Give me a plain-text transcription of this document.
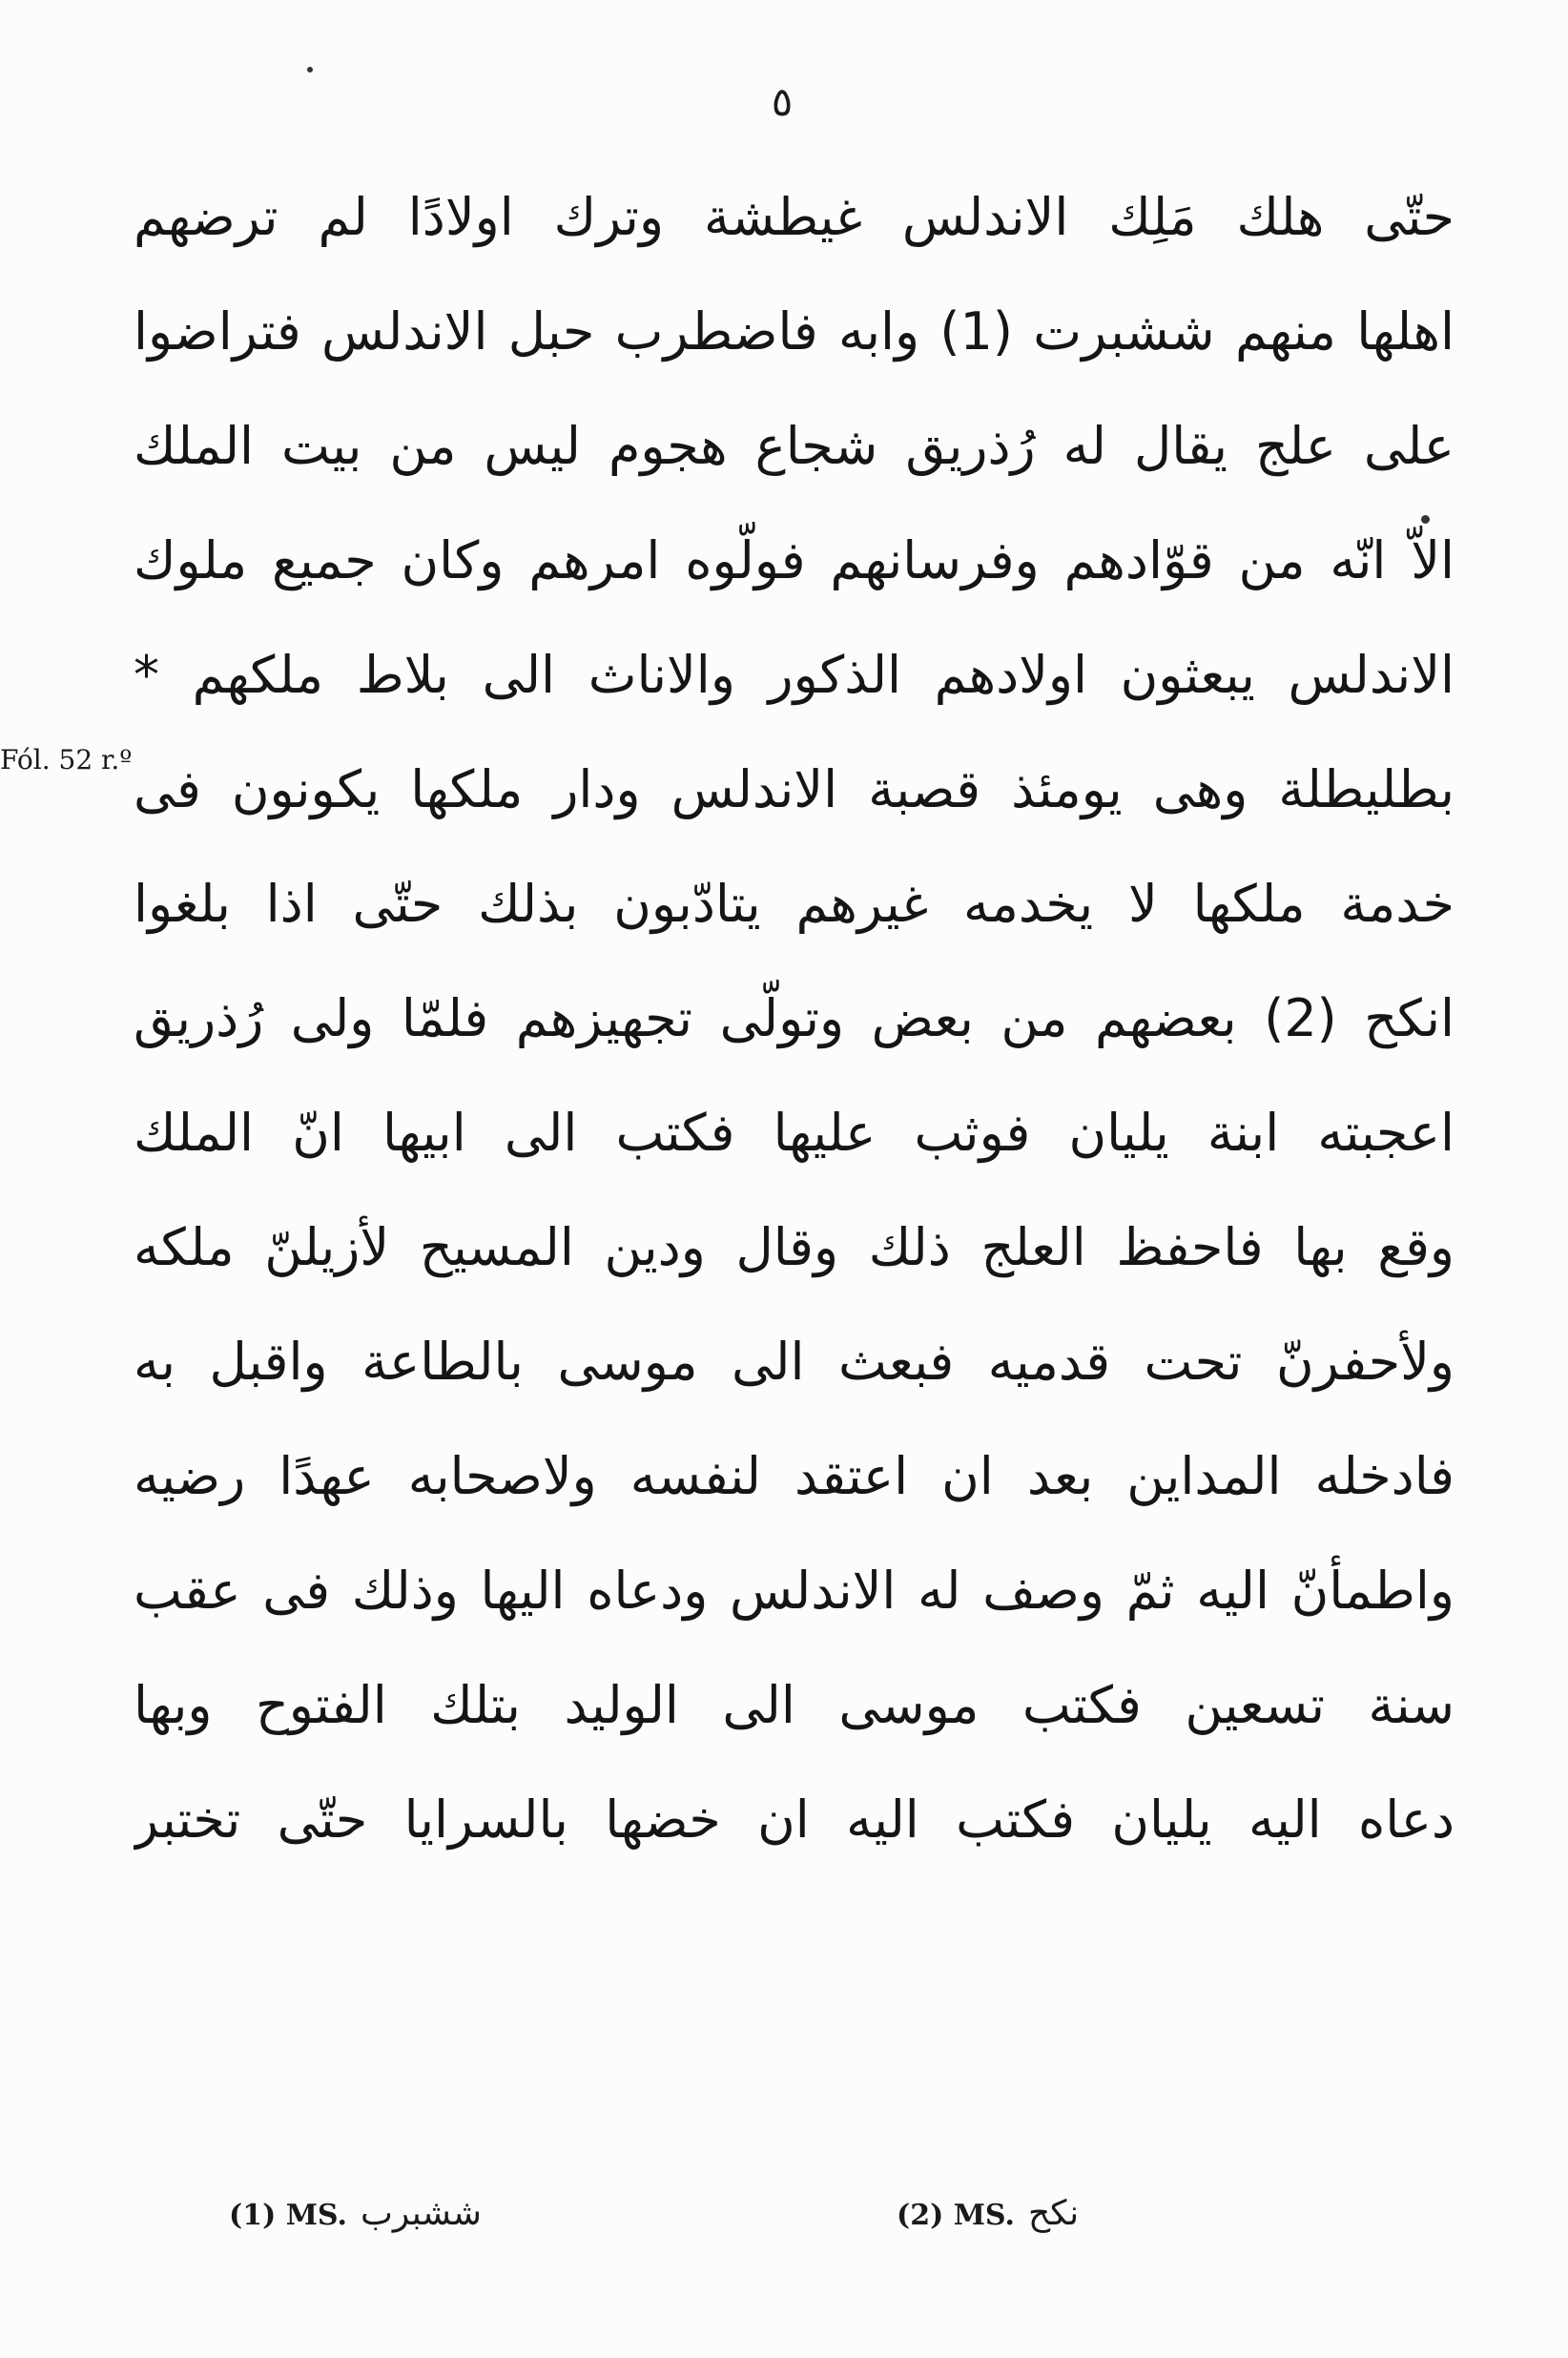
٥
Fól. 52 r.º
حتّى هلك مَلِك الاندلس غيطشة وترك اولادًا لم ترضهم
اهلها منهم ششبرت (1) وابه فاضطرب حبل الاندلس فتراضوا
على علج يقال له رُذريق شجاع هجوم ليس من بيت الملك
الاّ انّه من قوّادهم وفرسانهم فولّوه امرهم وكان جميع ملوك
الاندلس يبعثون اولادهم الذكور والاناث الى بلاط ملكهم *
بطليطلة وهى يومئذ قصبة الاندلس ودار ملكها يكونون فى
خدمة ملكها لا يخدمه غيرهم يتادّبون بذلك حتّى اذا بلغوا
انكح (2) بعضهم من بعض وتولّى تجهيزهم فلمّا ولى رُذريق
اعجبته ابنة يليان فوثب عليها فكتب الى ابيها انّ الملك
وقع بها فاحفظ العلج ذلك وقال ودين المسيح لأزيلنّ ملكه
ولأحفرنّ تحت قدميه فبعث الى موسى بالطاعة واقبل به
فادخله المداين بعد ان اعتقد لنفسه ولاصحابه عهدًا رضيه
واطمأنّ اليه ثمّ وصف له الاندلس ودعاه اليها وذلك فى عقب
سنة تسعين فكتب موسى الى الوليد بتلك الفتوح وبها
دعاه اليه يليان فكتب اليه ان خضها بالسرايا حتّى تختبر
(1) MS. ششبرب	(2) MS. نكح
